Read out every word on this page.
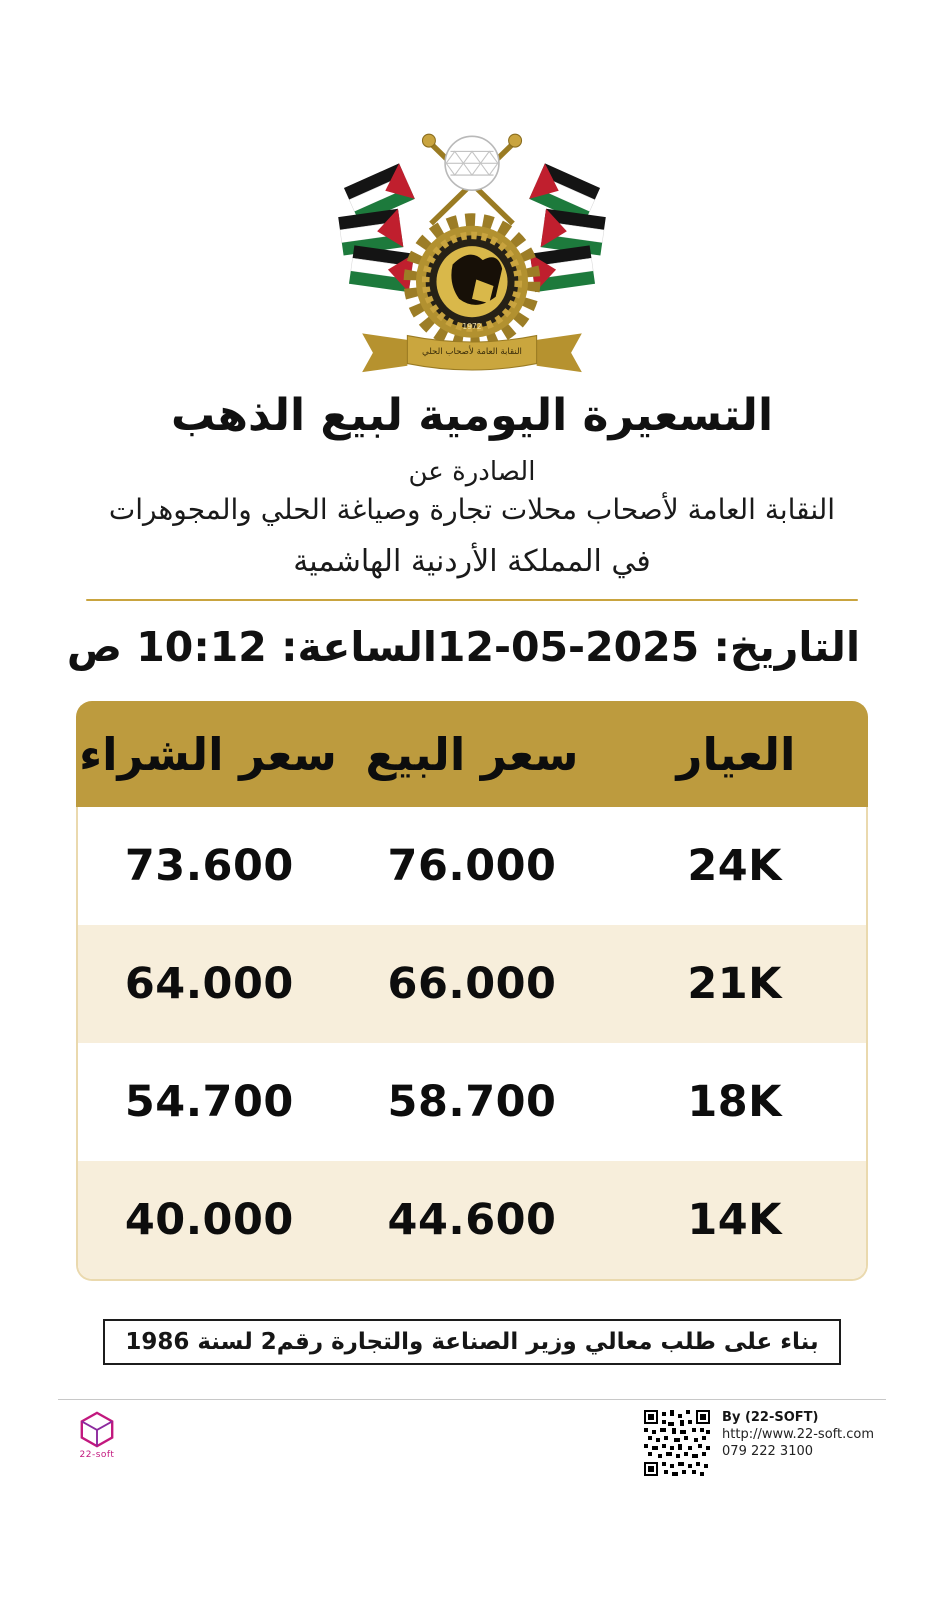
1972
النقابة العامة لأصحاب الحلي
التسعيرة اليومية لبيع الذهب
الصادرة عن
النقابة العامة لأصحاب محلات تجارة وصياغة الحلي والمجوهرات
في المملكة الأردنية الهاشمية
التاريخ: 12-05-2025
الساعة: 10:12 ص
العيار
سعر البيع
سعر الشراء
24K
76.000
73.600
21K
66.000
64.000
18K
58.700
54.700
14K
44.600
40.000
بناء على طلب معالي وزير الصناعة والتجارة رقم2 لسنة 1986
22-soft
By (22-SOFT)
http://www.22-soft.com
079 222 3100
